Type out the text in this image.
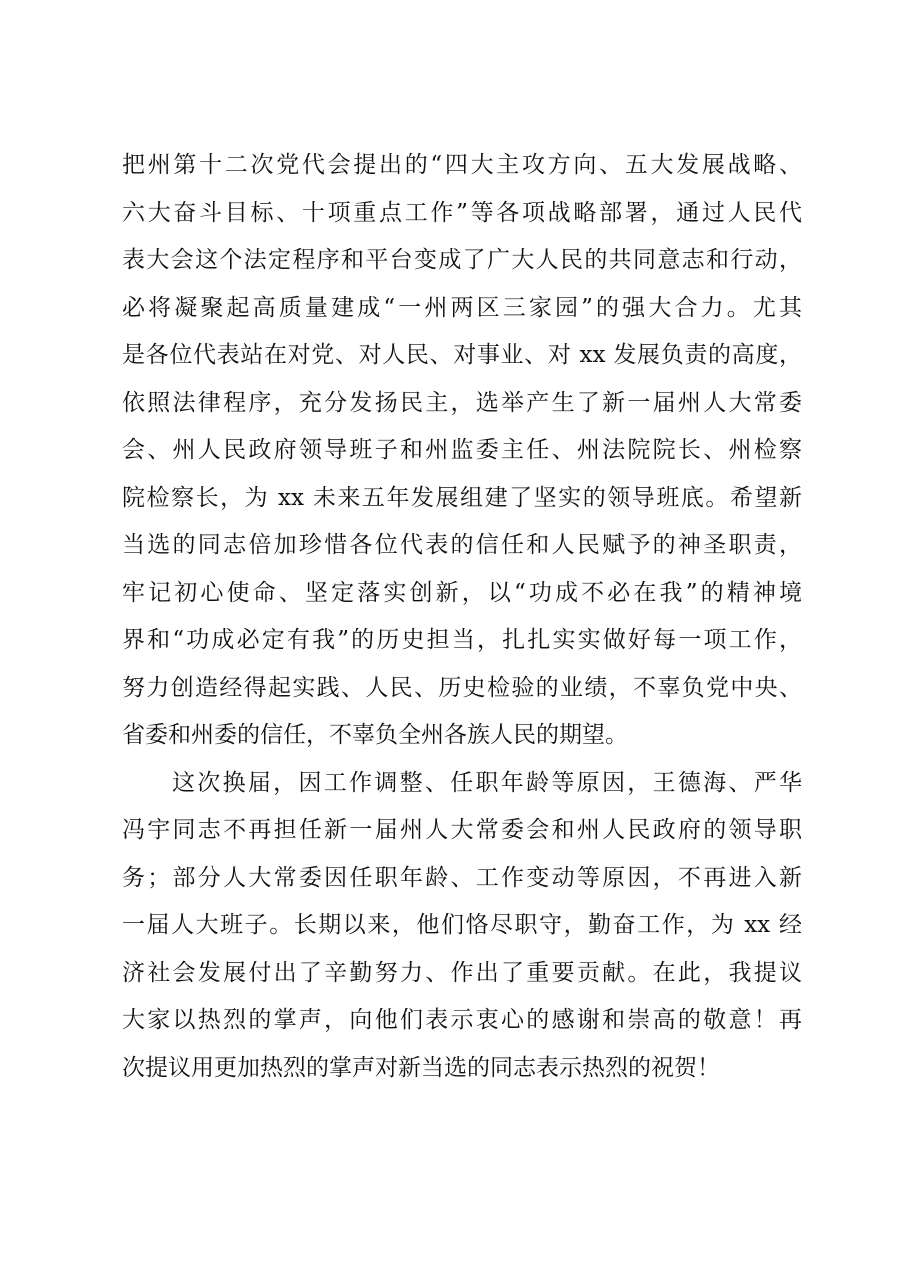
把州第十二次党代会提出的“四大主攻方向、五大发展战略、
六大奋斗目标、十项重点工作”等各项战略部署，通过人民代
表大会这个法定程序和平台变成了广大人民的共同意志和行动，
必将凝聚起高质量建成“一州两区三家园”的强大合力。尤其
是各位代表站在对党、对人民、对事业、对 xx 发展负责的高度，
依照法律程序，充分发扬民主，选举产生了新一届州人大常委
会、州人民政府领导班子和州监委主任、州法院院长、州检察
院检察长，为 xx 未来五年发展组建了坚实的领导班底。希望新
当选的同志倍加珍惜各位代表的信任和人民赋予的神圣职责，
牢记初心使命、坚定落实创新，以“功成不必在我”的精神境
界和“功成必定有我”的历史担当，扎扎实实做好每一项工作，
努力创造经得起实践、人民、历史检验的业绩，不辜负党中央、
省委和州委的信任，不辜负全州各族人民的期望。
这次换届，因工作调整、任职年龄等原因，王德海、严华
冯宇同志不再担任新一届州人大常委会和州人民政府的领导职
务；部分人大常委因任职年龄、工作变动等原因，不再进入新
一届人大班子。长期以来，他们恪尽职守，勤奋工作，为 xx 经
济社会发展付出了辛勤努力、作出了重要贡献。在此，我提议
大家以热烈的掌声，向他们表示衷心的感谢和崇高的敬意！再
次提议用更加热烈的掌声对新当选的同志表示热烈的祝贺！
